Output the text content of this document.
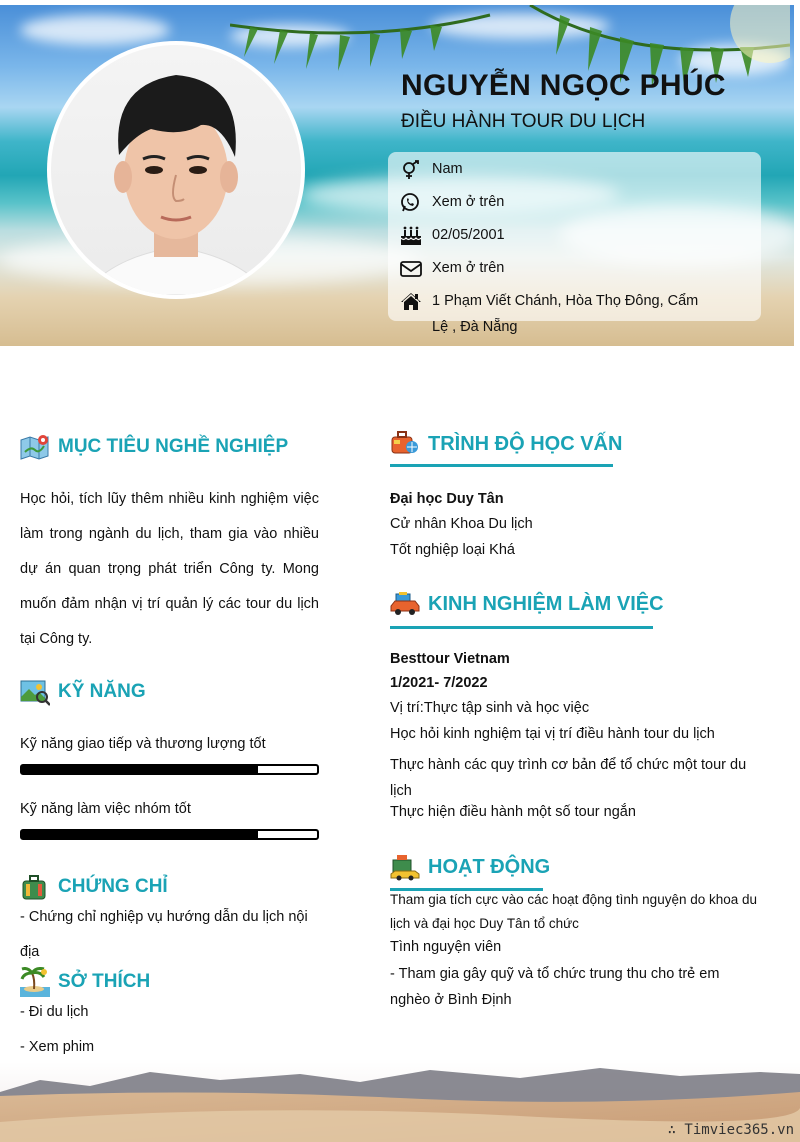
NGUYỄN NGỌC PHÚC
ĐIỀU HÀNH TOUR DU LỊCH
Nam
Xem ở trên
02/05/2001
Xem ở trên
1 Phạm Viết Chánh, Hòa Thọ Đông, Cẩm Lệ , Đà Nẵng
MỤC TIÊU NGHỀ NGHIỆP
Học hỏi, tích lũy thêm nhiều kinh nghiệm việc làm trong ngành du lịch, tham gia vào nhiều dự án quan trọng phát triển Công ty. Mong muốn đảm nhận vị trí quản lý các tour du lịch tại Công ty.
KỸ NĂNG
Kỹ năng giao tiếp và thương lượng tốt
Kỹ năng làm việc nhóm tốt
CHỨNG CHỈ
- Chứng chỉ nghiệp vụ hướng dẫn du lịch nội địa
SỞ THÍCH
- Đi du lịch
- Xem phim
TRÌNH ĐỘ HỌC VẤN
Đại học Duy Tân
Cử nhân Khoa Du lịch
Tốt nghiệp loại Khá
KINH NGHIỆM LÀM VIỆC
Besttour Vietnam
1/2021- 7/2022
Vị trí:Thực tập sinh và học việc
Học hỏi kinh nghiệm tại vị trí điều hành tour du lịch
Thực hành các quy trình cơ bản để tổ chức một tour du lịch
Thực hiện điều hành một số tour ngắn
HOẠT ĐỘNG
Tham gia tích cực vào các hoạt động tình nguyện do khoa du lịch và đại học Duy Tân tổ chức
Tình nguyện viên
- Tham gia gây quỹ và tổ chức trung thu cho trẻ em nghèo ở Bình Định
∴ Timviec365.vn
